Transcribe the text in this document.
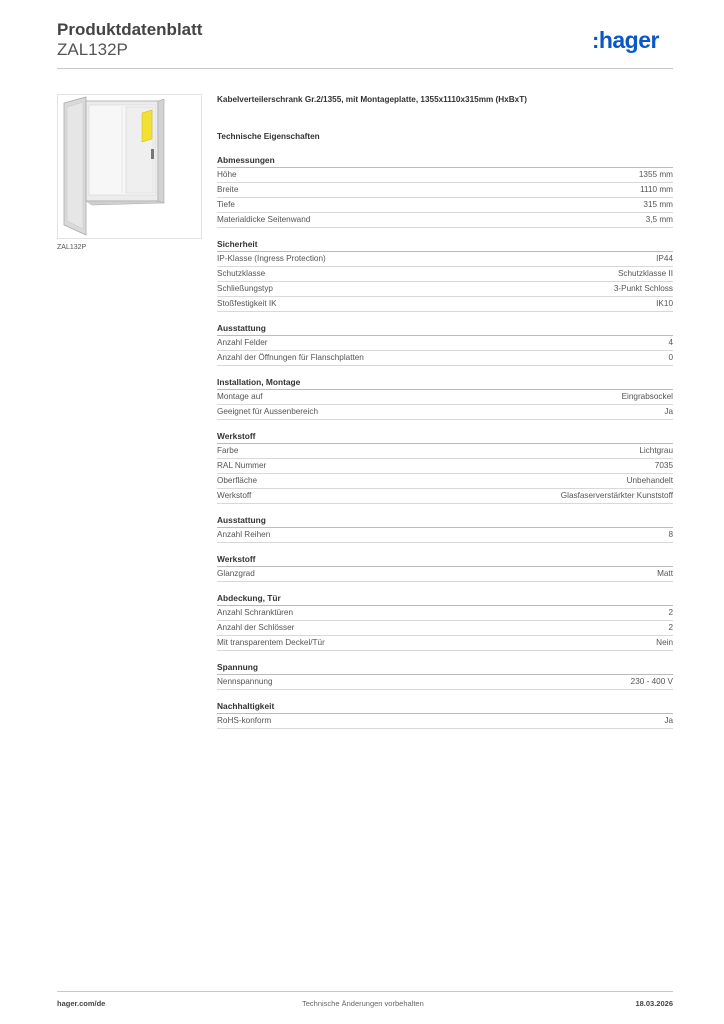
Produktdatenblatt
ZAL132P	:hager
ZAL132P
Kabelverteilerschrank Gr.2/1355, mit Montageplatte, 1355x1110x315mm (HxBxT)
Technische Eigenschaften
Abmessungen
Höhe	1355 mm
Breite	1110 mm
Tiefe	315 mm
Materialdicke Seitenwand	3,5 mm
Sicherheit
IP-Klasse (Ingress Protection)	IP44
Schutzklasse	Schutzklasse II
Schließungstyp	3-Punkt Schloss
Stoßfestigkeit IK	IK10
Ausstattung
Anzahl Felder	4
Anzahl der Öffnungen für Flanschplatten	0
Installation, Montage
Montage auf	Eingrabsockel
Geeignet für Aussenbereich	Ja
Werkstoff
Farbe	Lichtgrau
RAL Nummer	7035
Oberfläche	Unbehandelt
Werkstoff	Glasfaserverstärkter Kunststoff
Ausstattung
Anzahl Reihen	8
Werkstoff
Glanzgrad	Matt
Abdeckung, Tür
Anzahl Schranktüren	2
Anzahl der Schlösser	2
Mit transparentem Deckel/Tür	Nein
Spannung
Nennspannung	230 - 400 V
Nachhaltigkeit
RoHS-konform	Ja
hager.com/de	Technische Änderungen vorbehalten	18.03.2026
